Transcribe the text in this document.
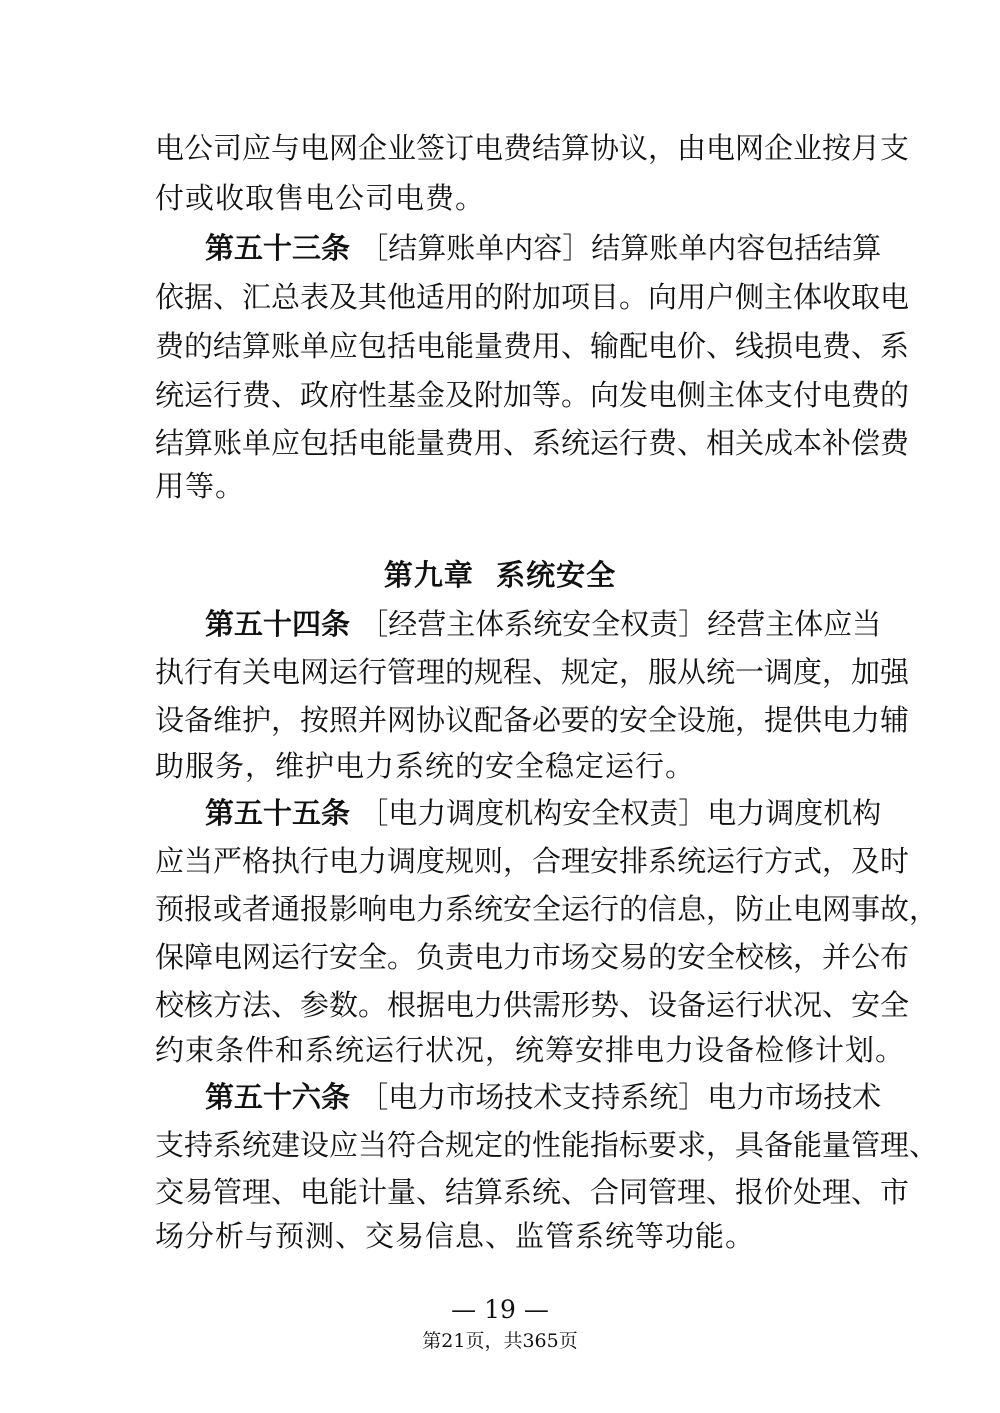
电公司应与电网企业签订电费结算协议，由电网企业按月支
付或收取售电公司电费。
第五十三条 ［结算账单内容］结算账单内容包括结算
依据、汇总表及其他适用的附加项目。向用户侧主体收取电
费的结算账单应包括电能量费用、输配电价、线损电费、系
统运行费、政府性基金及附加等。向发电侧主体支付电费的
结算账单应包括电能量费用、系统运行费、相关成本补偿费
用等。
第九章  系统安全
第五十四条 ［经营主体系统安全权责］经营主体应当
执行有关电网运行管理的规程、规定，服从统一调度，加强
设备维护，按照并网协议配备必要的安全设施，提供电力辅
助服务，维护电力系统的安全稳定运行。
第五十五条 ［电力调度机构安全权责］电力调度机构
应当严格执行电力调度规则，合理安排系统运行方式，及时
预报或者通报影响电力系统安全运行的信息，防止电网事故，
保障电网运行安全。负责电力市场交易的安全校核，并公布
校核方法、参数。根据电力供需形势、设备运行状况、安全
约束条件和系统运行状况，统筹安排电力设备检修计划。
第五十六条 ［电力市场技术支持系统］电力市场技术
支持系统建设应当符合规定的性能指标要求，具备能量管理、
交易管理、电能计量、结算系统、合同管理、报价处理、市
场分析与预测、交易信息、监管系统等功能。
— 19 —
第21页，共365页
